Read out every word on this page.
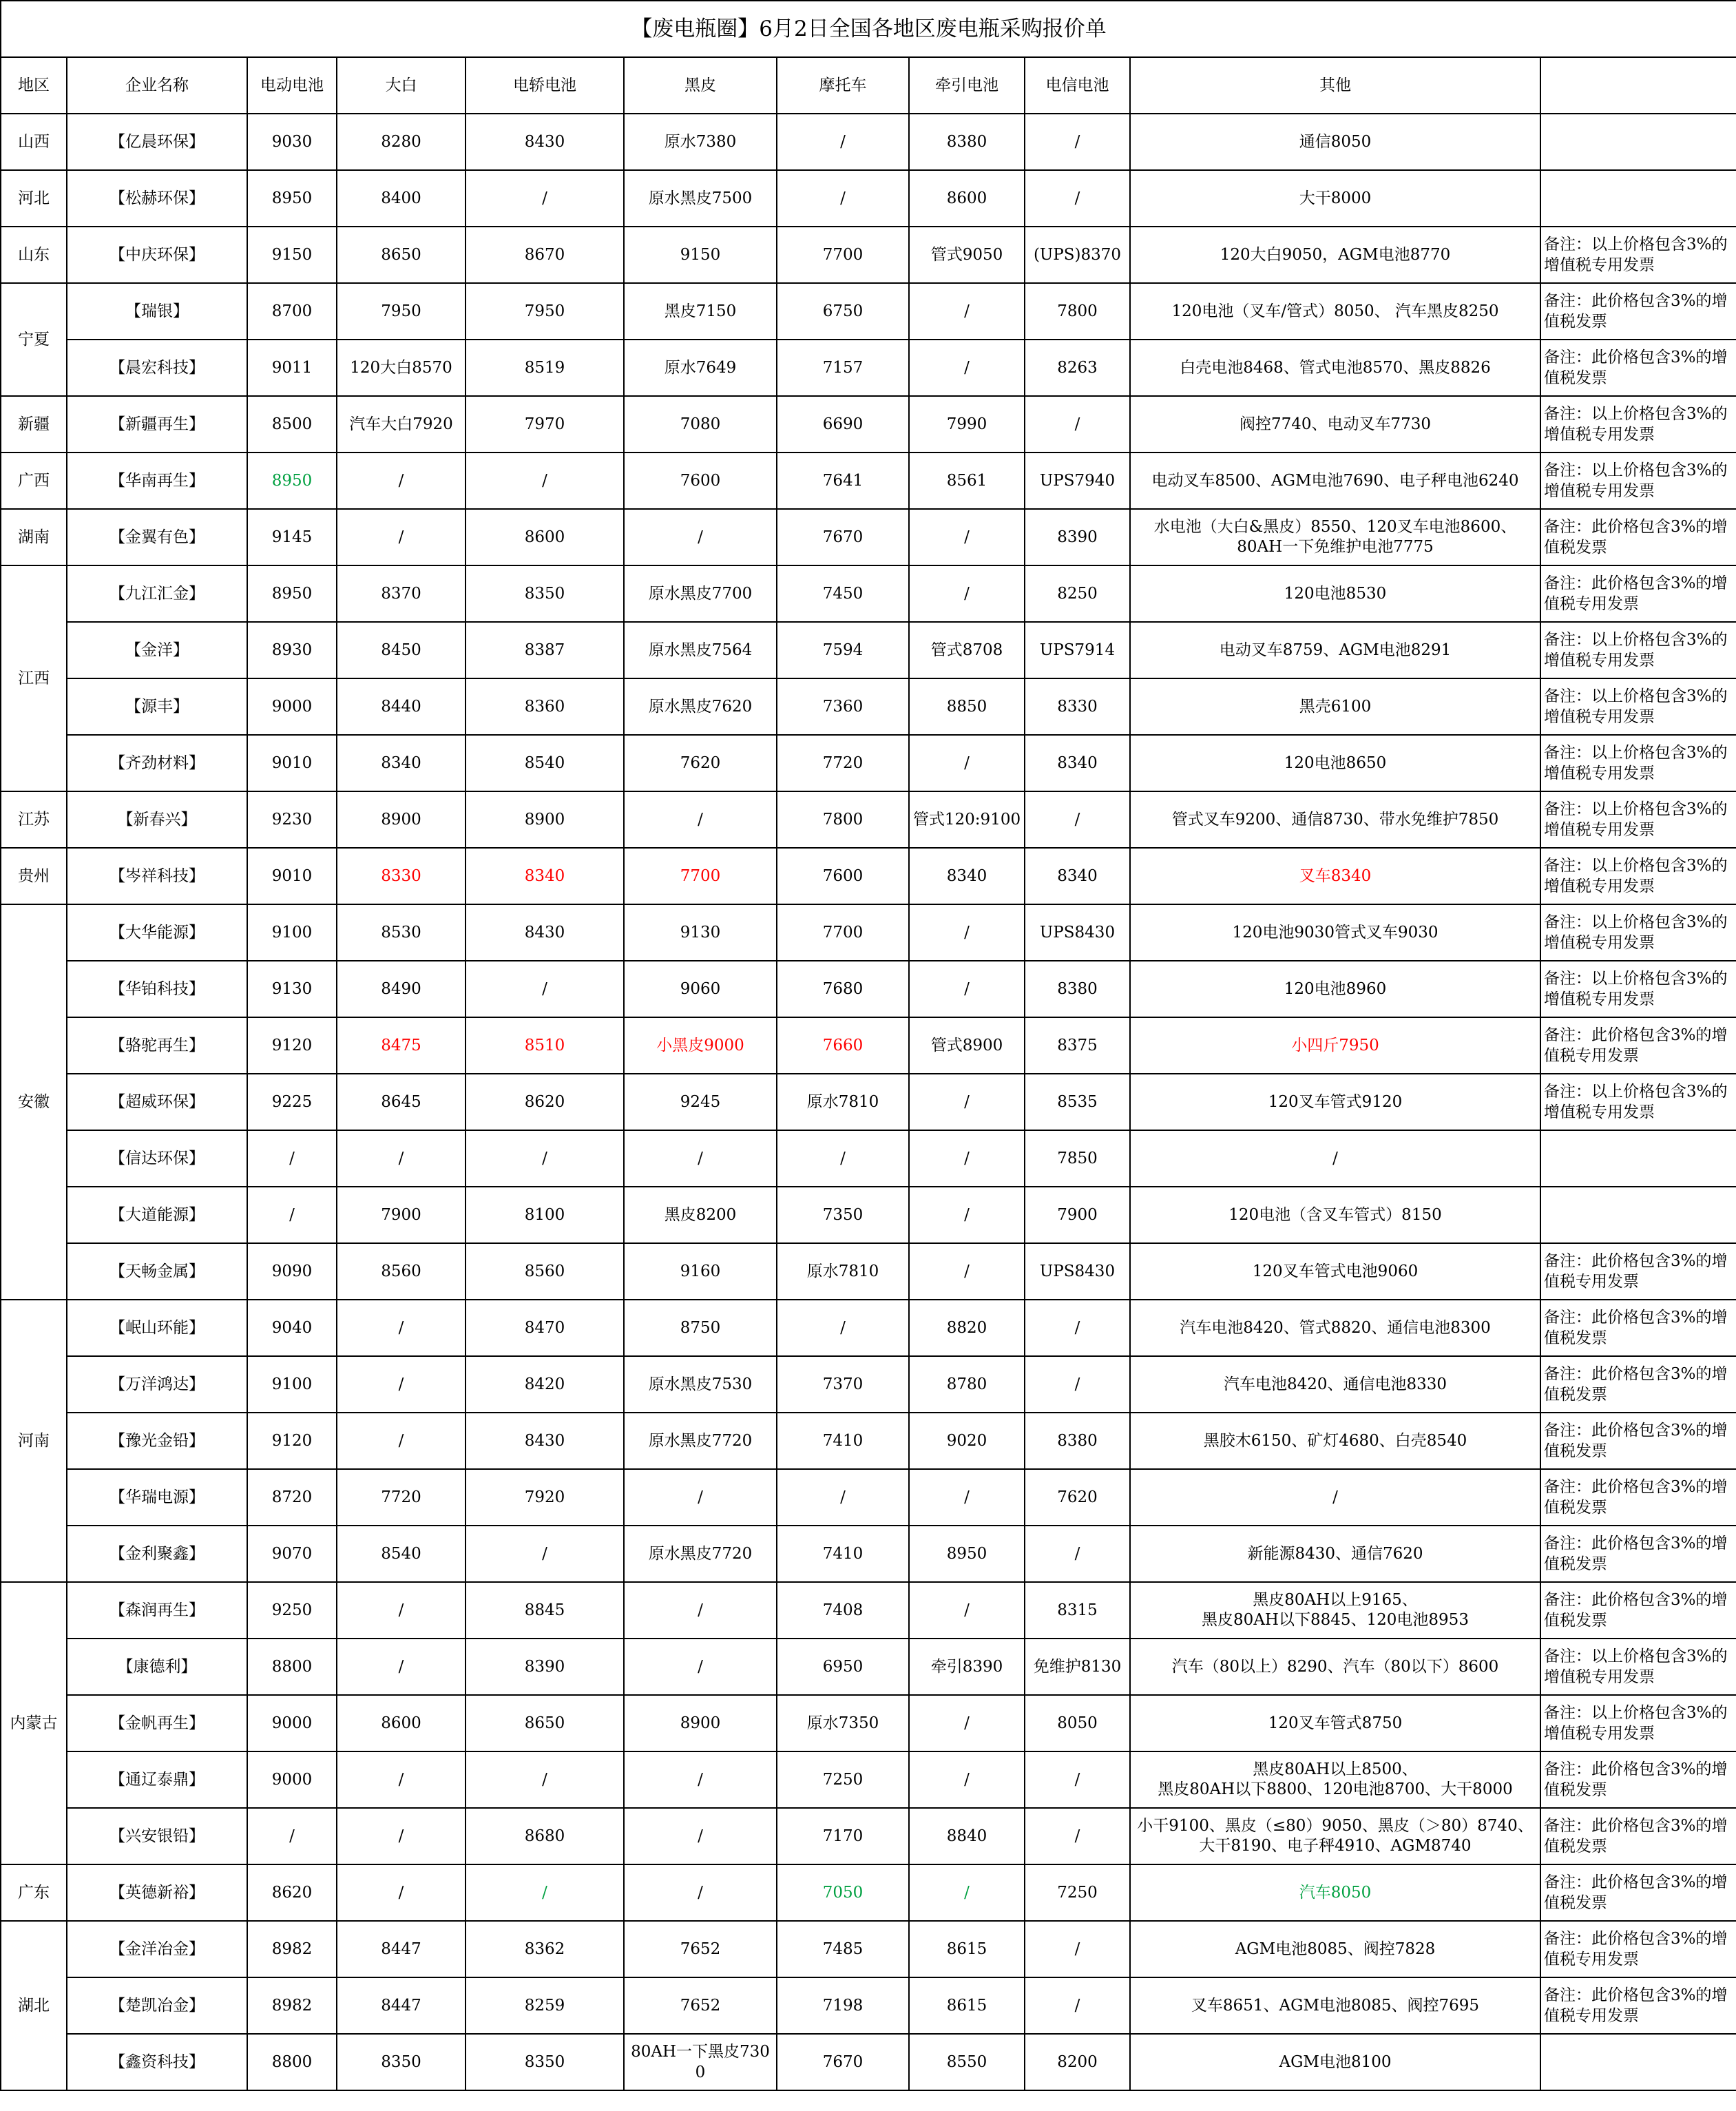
【废电瓶圈】6月2日全国各地区废电瓶采购报价单										
地区	企业名称	电动电池	大白	电轿电池	黑皮	摩托车	牵引电池	电信电池	其他	
山西	【亿晨环保】	9030	8280	8430	原水7380	/	8380	/	通信8050	
河北	【松赫环保】	8950	8400	/	原水黑皮7500	/	8600	/	大干8000	
山东	【中庆环保】	9150	8650	8670	9150	7700	管式9050	(UPS)8370	120大白9050，AGM电池8770	备注：以上价格包含3%的增值税专用发票
宁夏	【瑞银】	8700	7950	7950	黑皮7150	6750	/	7800	120电池（叉车/管式）8050、 汽车黑皮8250	备注：此价格包含3%的增值税发票
	【晨宏科技】	9011	120大白8570	8519	原水7649	7157	/	8263	白壳电池8468、管式电池8570、黑皮8826	备注：此价格包含3%的增值税发票
新疆	【新疆再生】	8500	汽车大白7920	7970	7080	6690	7990	/	阀控7740、电动叉车7730	备注：以上价格包含3%的增值税专用发票
广西	【华南再生】	8950	/	/	7600	7641	8561	UPS7940	电动叉车8500、AGM电池7690、电子秤电池6240	备注：以上价格包含3%的增值税专用发票
湖南	【金翼有色】	9145	/	8600	/	7670	/	8390	水电池（大白&黑皮）8550、120叉车电池8600、
80AH一下免维护电池7775	备注：此价格包含3%的增值税发票
江西	【九江汇金】	8950	8370	8350	原水黑皮7700	7450	/	8250	120电池8530	备注：此价格包含3%的增值税专用发票
	【金洋】	8930	8450	8387	原水黑皮7564	7594	管式8708	UPS7914	电动叉车8759、AGM电池8291	备注：以上价格包含3%的增值税专用发票
	【源丰】	9000	8440	8360	原水黑皮7620	7360	8850	8330	黑壳6100	备注：以上价格包含3%的增值税专用发票
	【齐劲材料】	9010	8340	8540	7620	7720	/	8340	120电池8650	备注：以上价格包含3%的增值税专用发票
江苏	【新春兴】	9230	8900	8900	/	7800	管式120:9100	/	管式叉车9200、通信8730、带水免维护7850	备注：以上价格包含3%的增值税专用发票
贵州	【岑祥科技】	9010	8330	8340	7700	7600	8340	8340	叉车8340	备注：以上价格包含3%的增值税专用发票
安徽	【大华能源】	9100	8530	8430	9130	7700	/	UPS8430	120电池9030管式叉车9030	备注：以上价格包含3%的增值税专用发票
	【华铂科技】	9130	8490	/	9060	7680	/	8380	120电池8960	备注：以上价格包含3%的增值税专用发票
	【骆驼再生】	9120	8475	8510	小黑皮9000	7660	管式8900	8375	小四斤7950	备注：此价格包含3%的增值税专用发票
	【超威环保】	9225	8645	8620	9245	原水7810	/	8535	120叉车管式9120	备注：以上价格包含3%的增值税专用发票
	【信达环保】	/	/	/	/	/	/	7850	/	
	【大道能源】	/	7900	8100	黑皮8200	7350	/	7900	120电池（含叉车管式）8150	
	【天畅金属】	9090	8560	8560	9160	原水7810	/	UPS8430	120叉车管式电池9060	备注：此价格包含3%的增值税专用发票
河南	【岷山环能】	9040	/	8470	8750	/	8820	/	汽车电池8420、管式8820、通信电池8300	备注：此价格包含3%的增值税发票
	【万洋鸿达】	9100	/	8420	原水黑皮7530	7370	8780	/	汽车电池8420、通信电池8330	备注：此价格包含3%的增值税发票
	【豫光金铅】	9120	/	8430	原水黑皮7720	7410	9020	8380	黑胶木6150、矿灯4680、白壳8540	备注：此价格包含3%的增值税发票
	【华瑞电源】	8720	7720	7920	/	/	/	7620	/	备注：此价格包含3%的增值税发票
	【金利聚鑫】	9070	8540	/	原水黑皮7720	7410	8950	/	新能源8430、通信7620	备注：此价格包含3%的增值税发票
内蒙古	【森润再生】	9250	/	8845	/	7408	/	8315	黑皮80AH以上9165、
黑皮80AH以下8845、120电池8953	备注：此价格包含3%的增值税发票
	【康德利】	8800	/	8390	/	6950	牵引8390	免维护8130	汽车（80以上）8290、汽车（80以下）8600	备注：以上价格包含3%的增值税专用发票
	【金帆再生】	9000	8600	8650	8900	原水7350	/	8050	120叉车管式8750	备注：以上价格包含3%的增值税专用发票
	【通辽泰鼎】	9000	/	/	/	7250	/	/	黑皮80AH以上8500、
黑皮80AH以下8800、120电池8700、大干8000	备注：此价格包含3%的增值税发票
	【兴安银铅】	/	/	8680	/	7170	8840	/	小干9100、黑皮（≤80）9050、黑皮（＞80）8740、
大干8190、电子秤4910、AGM8740	备注：此价格包含3%的增值税发票
广东	【英德新裕】	8620	/	/	/	7050	/	7250	汽车8050	备注：此价格包含3%的增值税发票
湖北	【金洋冶金】	8982	8447	8362	7652	7485	8615	/	AGM电池8085、阀控7828	备注：此价格包含3%的增值税专用发票
	【楚凯冶金】	8982	8447	8259	7652	7198	8615	/	叉车8651、AGM电池8085、阀控7695	备注：此价格包含3%的增值税专用发票
	【鑫资科技】	8800	8350	8350	80AH一下黑皮7300	7670	8550	8200	AGM电池8100	
